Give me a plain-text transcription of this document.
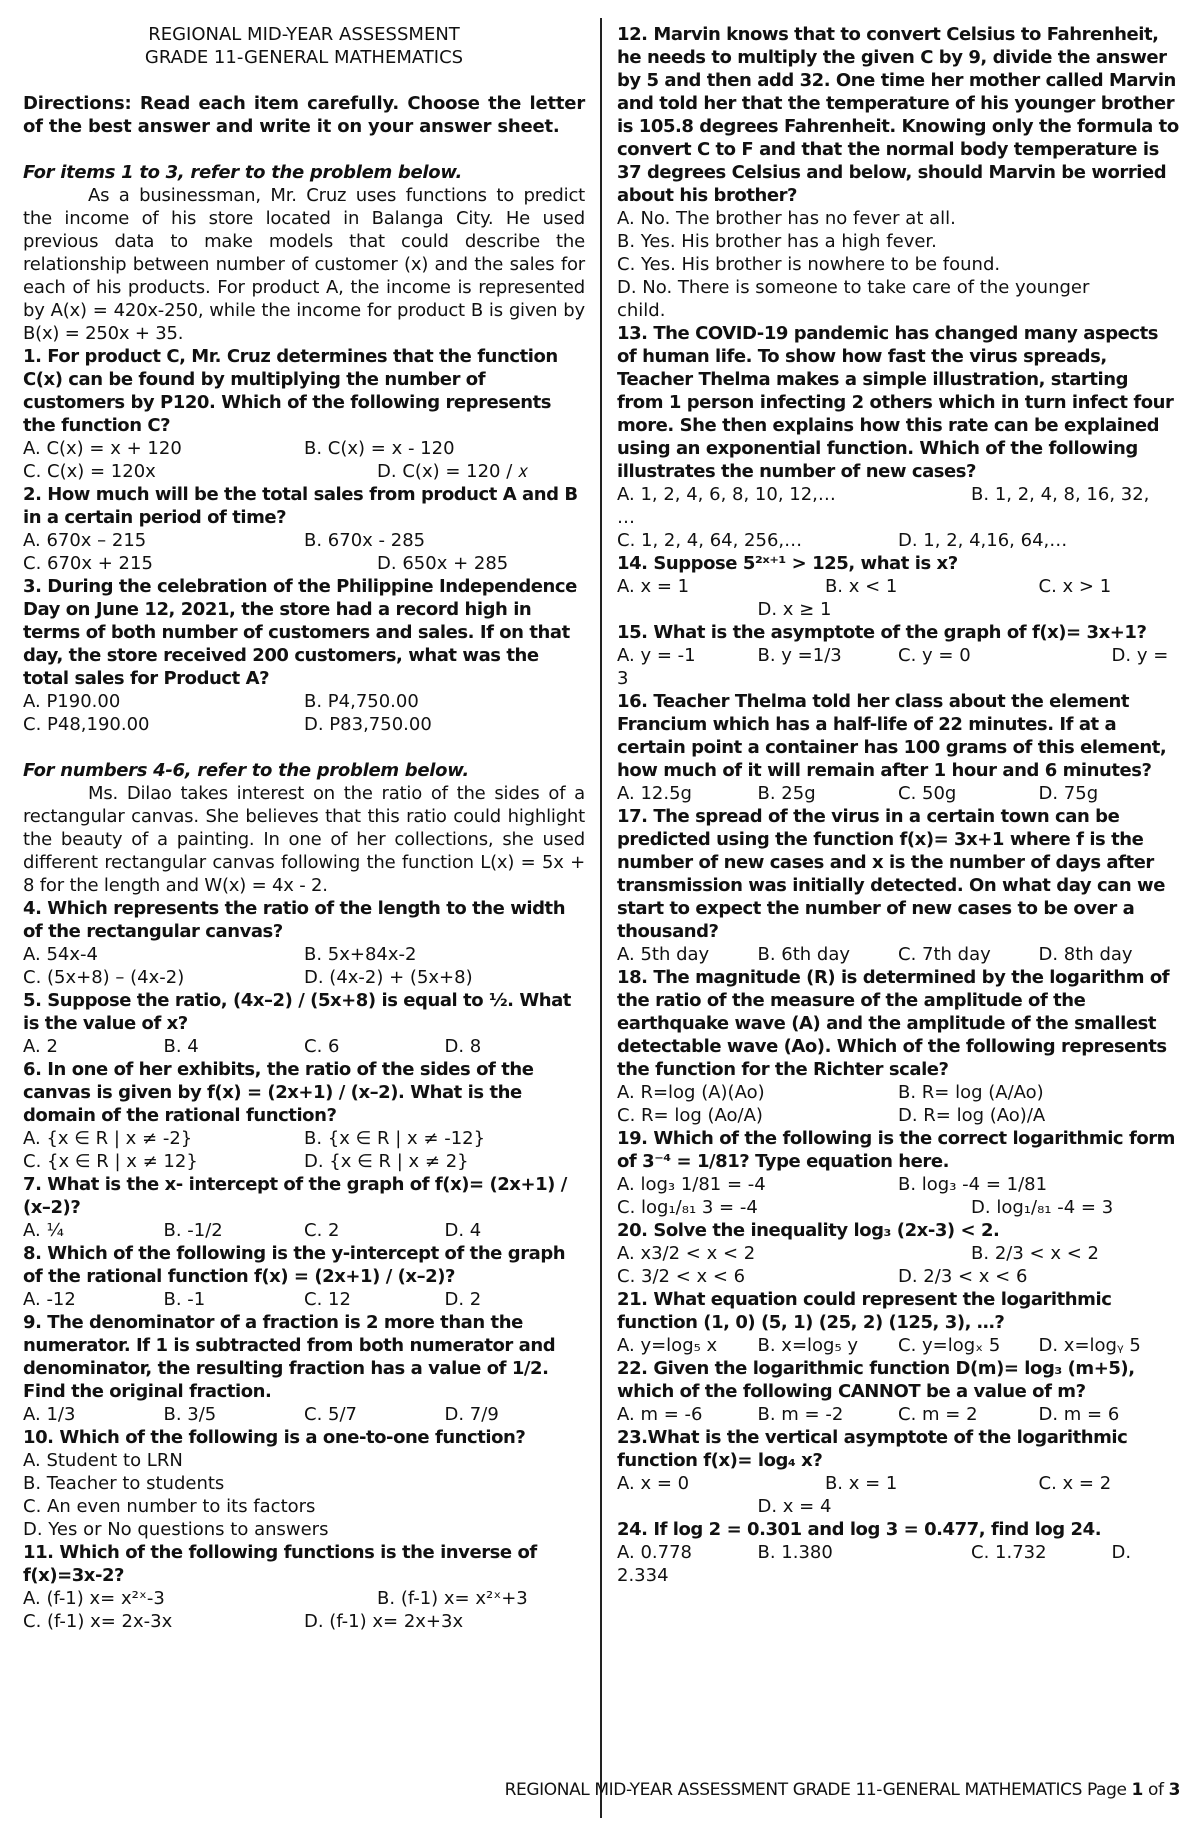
REGIONAL MID-YEAR ASSESSMENT
GRADE 11-GENERAL MATHEMATICS
Directions: Read each item carefully. Choose the letter of the best answer and write it on your answer sheet.
For items 1 to 3, refer to the problem below.
As a businessman, Mr. Cruz uses functions to predict the income of his store located in Balanga City. He used previous data to make models that could describe the relationship between number of customer (x) and the sales for each of his products. For product A, the income is represented by A(x) = 420x-250, while the income for product B is given by B(x) = 250x + 35.
1. For product C, Mr. Cruz determines that the function C(x) can be found by multiplying the number of customers by P120. Which of the following represents the function C?
A. C(x) = x + 120	B. C(x) = x - 120
C. C(x) = 120x	D. C(x) = 120 / 𝑥
2. How much will be the total sales from product A and B in a certain period of time?
A. 670x – 215	B. 670x - 285
C. 670x + 215	D. 650x + 285
3. During the celebration of the Philippine Independence Day on June 12, 2021, the store had a record high in terms of both number of customers and sales. If on that day, the store received 200 customers, what was the total sales for Product A?
A. P190.00	B. P4,750.00
C. P48,190.00	D. P83,750.00
For numbers 4-6, refer to the problem below.
Ms. Dilao takes interest on the ratio of the sides of a rectangular canvas. She believes that this ratio could highlight the beauty of a painting. In one of her collections, she used different rectangular canvas following the function L(x) = 5x + 8 for the length and W(x) = 4x - 2.
4. Which represents the ratio of the length to the width of the rectangular canvas?
A. 54x-4	B. 5x+84x-2
C. (5x+8) – (4x-2)	D. (4x-2) + (5x+8)
5. Suppose the ratio, (4x–2) / (5x+8) is equal to ½. What is the value of x?
A. 2	B. 4	C. 6	D. 8
6. In one of her exhibits, the ratio of the sides of the canvas is given by f(x) = (2x+1) / (x–2). What is the domain of the rational function?
A. {x ∈ R | x ≠ -2}	B. {x ∈ R | x ≠ -12}
C. {x ∈ R | x ≠ 12}	D. {x ∈ R | x ≠ 2}
7. What is the x- intercept of the graph of f(x)= (2x+1) / (x–2)?
A. ¼	B. -1/2	C. 2	D. 4
8. Which of the following is the y-intercept of the graph of the rational function f(x) = (2x+1) / (x–2)?
A. -12	B. -1	C. 12	D. 2
9. The denominator of a fraction is 2 more than the numerator. If 1 is subtracted from both numerator and denominator, the resulting fraction has a value of 1/2. Find the original fraction.
A. 1/3	B. 3/5	C. 5/7	D. 7/9
10. Which of the following is a one-to-one function?
A. Student to LRN
B. Teacher to students
C. An even number to its factors
D. Yes or No questions to answers
11. Which of the following functions is the inverse of f(x)=3x-2?
A. (f-1) x= x²ˣ-3	B. (f-1) x= x²ˣ+3
C. (f-1) x= 2x-3x	D. (f-1) x= 2x+3x
12. Marvin knows that to convert Celsius to Fahrenheit, he needs to multiply the given C by 9, divide the answer by 5 and then add 32. One time her mother called Marvin and told her that the temperature of his younger brother is 105.8 degrees Fahrenheit. Knowing only the formula to convert C to F and that the normal body temperature is 37 degrees Celsius and below, should Marvin be worried about his brother?
A. No. The brother has no fever at all.
B. Yes. His brother has a high fever.
C. Yes. His brother is nowhere to be found.
D. No. There is someone to take care of the younger
child.
13. The COVID-19 pandemic has changed many aspects of human life. To show how fast the virus spreads, Teacher Thelma makes a simple illustration, starting from 1 person infecting 2 others which in turn infect four more. She then explains how this rate can be explained using an exponential function. Which of the following illustrates the number of new cases?
A. 1, 2, 4, 6, 8, 10, 12,…	B. 1, 2, 4, 8, 16, 32,
…
C. 1, 2, 4, 64, 256,…	D. 1, 2, 4,16, 64,…
14. Suppose 5²ˣ⁺¹ > 125, what is x?
A. x = 1	B. x < 1	C. x > 1
D. x ≥ 1
15. What is the asymptote of the graph of f(x)= 3x+1?
A. y = -1	B. y =1/3	C. y = 0	D. y =
3
16. Teacher Thelma told her class about the element Francium which has a half-life of 22 minutes. If at a certain point a container has 100 grams of this element, how much of it will remain after 1 hour and 6 minutes?
A. 12.5g	B. 25g	C. 50g	D. 75g
17. The spread of the virus in a certain town can be predicted using the function f(x)= 3x+1 where f is the number of new cases and x is the number of days after transmission was initially detected. On what day can we start to expect the number of new cases to be over a thousand?
A. 5th day	B. 6th day	C. 7th day	D. 8th day
18. The magnitude (R) is determined by the logarithm of the ratio of the measure of the amplitude of the earthquake wave (A) and the amplitude of the smallest detectable wave (Ao). Which of the following represents the function for the Richter scale?
A. R=log (A)(Ao)	B. R= log (A/Ao)
C. R= log (Ao/A)	D. R= log (Ao)/A
19. Which of the following is the correct logarithmic form of 3⁻⁴ = 1/81? Type equation here.
A. log₃ 1/81 = -4	B. log₃ -4 = 1/81
C. log₁/₈₁ 3 = -4	D. log₁/₈₁ -4 = 3
20. Solve the inequality log₃ (2x-3) < 2.
A. x3/2 < x < 2	B. 2/3 < x < 2
C. 3/2 < x < 6	D. 2/3 < x < 6
21. What equation could represent the logarithmic function (1, 0) (5, 1) (25, 2) (125, 3), …?
A. y=log₅ x B. x=log₅ y C. y=logₓ 5 D. x=logᵧ 5
22. Given the logarithmic function D(m)= log₃ (m+5), which of the following CANNOT be a value of m?
A. m = -6	B. m = -2	C. m = 2	D. m = 6
23.What is the vertical asymptote of the logarithmic function f(x)= log₄ x?
A. x = 0	B. x = 1	C. x = 2
D. x = 4
24. If log 2 = 0.301 and log 3 = 0.477, find log 24.
A. 0.778	B. 1.380	C. 1.732	D.
2.334
REGIONAL MID-YEAR ASSESSMENT GRADE 11-GENERAL MATHEMATICS Page 1 of 3
